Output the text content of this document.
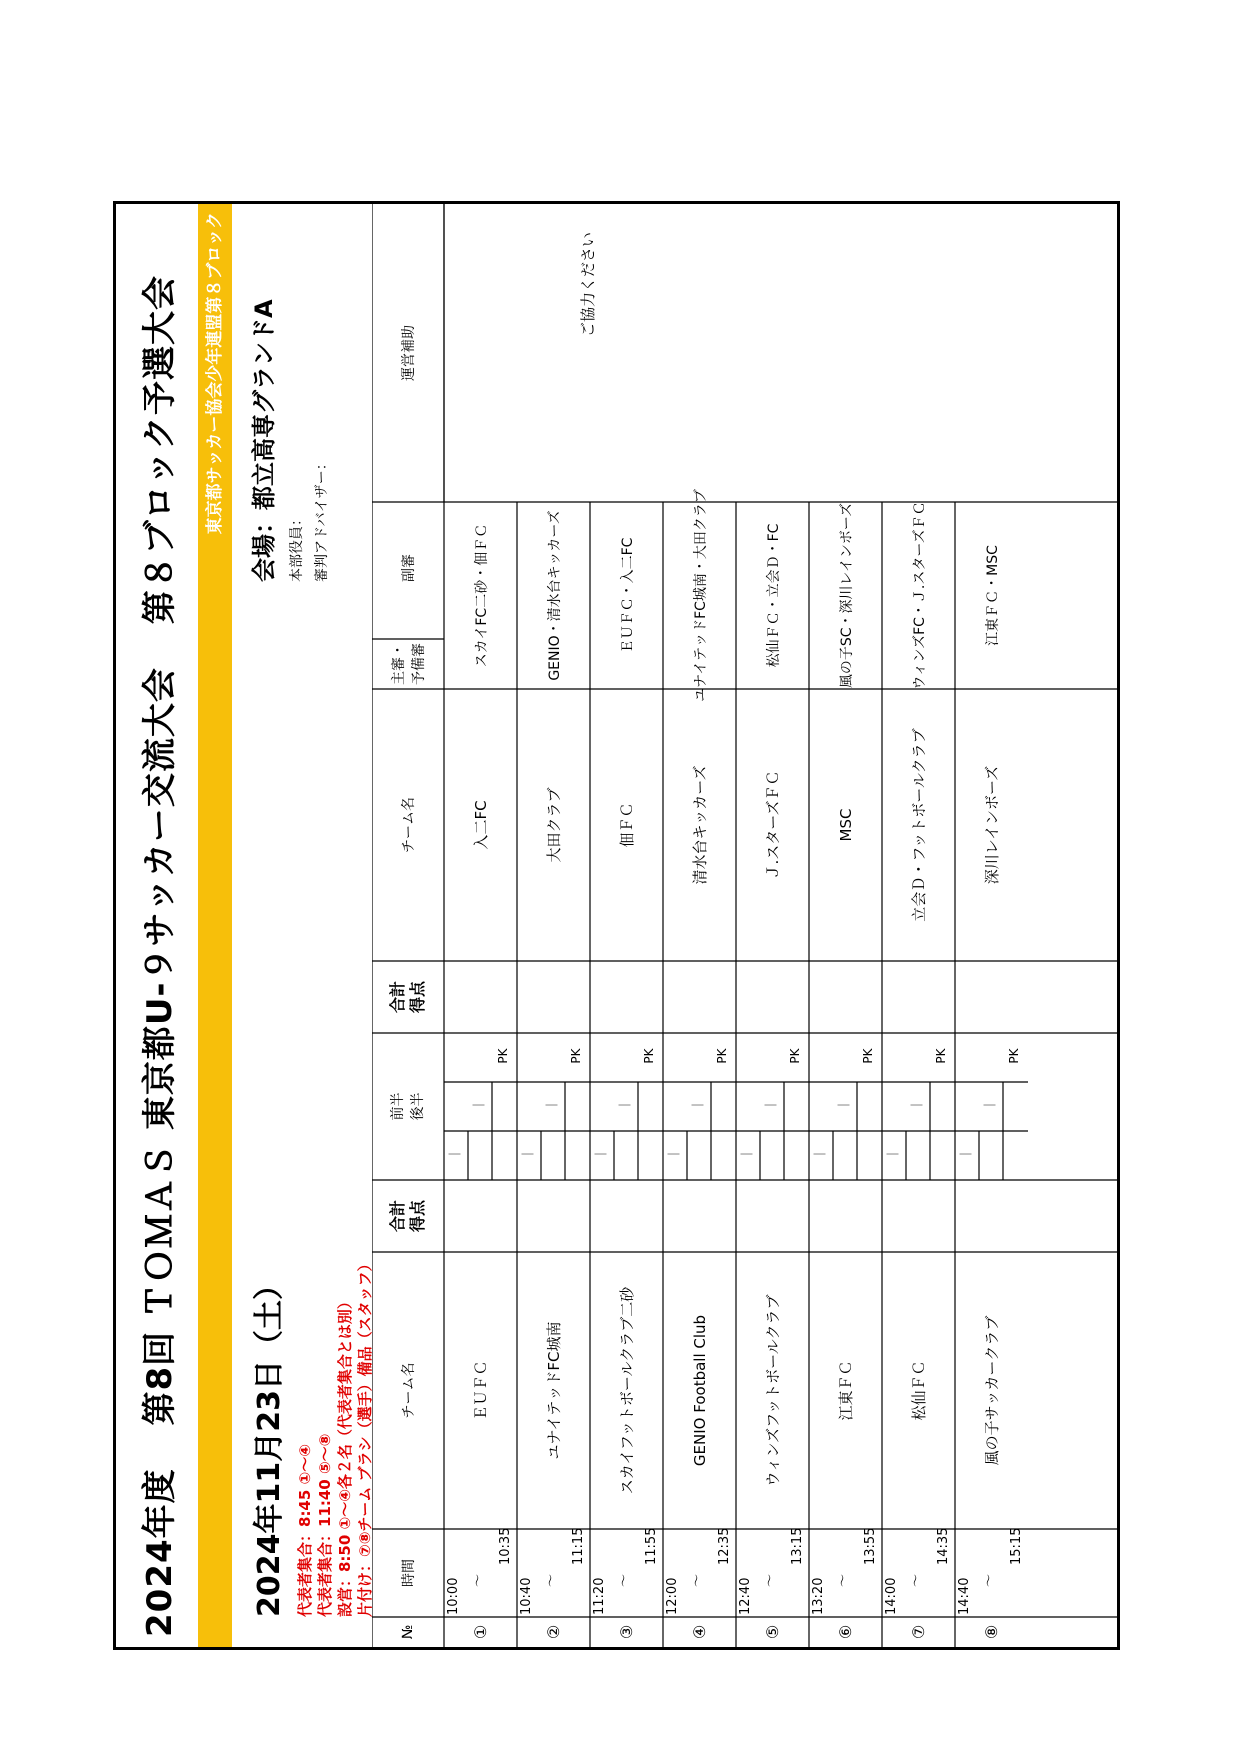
2024年度 第8回 ＴＯＭＡＳ 東京都U-９サッカー交流大会 第８ブロック予選大会	東京都サッカー協会少年連盟第８ブロック
2024年11月23日（土） 代表者集合：8:45 ①〜④ 代表者集合：11:40 ⑤〜⑧ 設営：8:50 ①〜④各２名（代表者集合とは別） 片付け：⑦⑧チーム ブラシ（選手）備品（スタッフ）
会場：都立高専グランドA 本部役員： 審判アドバイザー：
№
時間
チーム名
合計 得点
前半 後半
合計 得点
チーム名
主審・予備審
副審
運営補助
①
10:00 〜
10:35
ＥＵＦＣ
入二FC
スカイFC二砂・佃ＦＣ
｜
｜
PK
②
10:40 〜
11:15
ユナイテッドFC城南
大田クラブ
GENIO・清水台キッカーズ
｜
｜
PK
③
11:20 〜
11:55
スカイフットボールクラブ二砂
佃ＦＣ
ＥＵＦＣ・入二FC
｜
｜
PK
④
12:00 〜
12:35
GENIO Football Club
清水台キッカーズ
ユナイテッドFC城南・大田クラブ
｜
｜
PK
⑤
12:40 〜
13:15
ウィンズフットボールクラブ
Ｊ.スターズＦＣ
松仙ＦＣ・立会Ｄ・FC
｜
｜
PK
⑥
13:20 〜
13:55
江東ＦＣ
MSC
風の子SC・深川レインボーズ
｜
｜
PK
⑦
14:00 〜
14:35
松仙ＦＣ
立会Ｄ・フットボールクラブ
ウィンズFC・Ｊ.スターズＦＣ
｜
｜
PK
⑧
14:40 〜
15:15
風の子サッカークラブ
深川レインボーズ
江東ＦＣ・MSC
｜
｜
PK
ご協力ください
